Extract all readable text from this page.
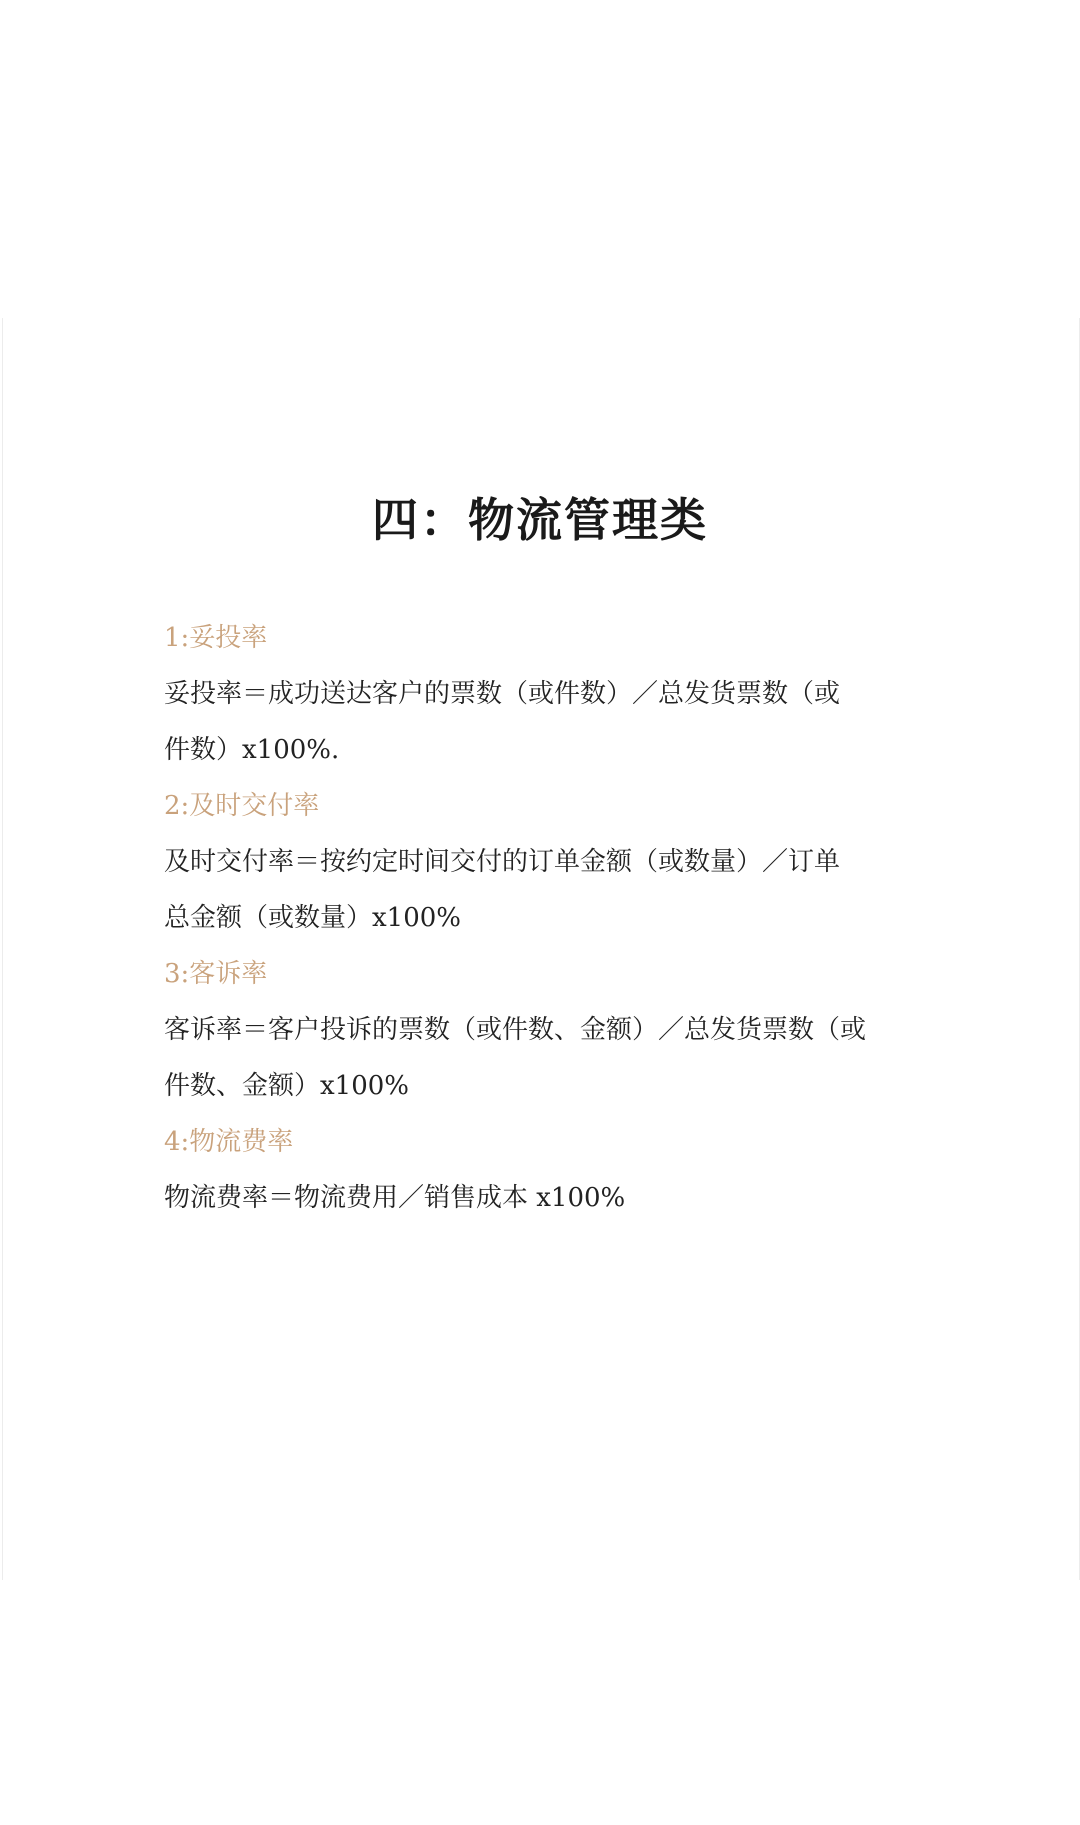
四：物流管理类
1:妥投率
妥投率＝成功送达客户的票数（或件数）／总发货票数（或
件数）x100%.
2:及时交付率
及时交付率＝按约定时间交付的订单金额（或数量）／订单
总金额（或数量）x100%
3:客诉率
客诉率＝客户投诉的票数（或件数、金额）／总发货票数（或
件数、金额）x100%
4:物流费率
物流费率＝物流费用／销售成本 x100%
